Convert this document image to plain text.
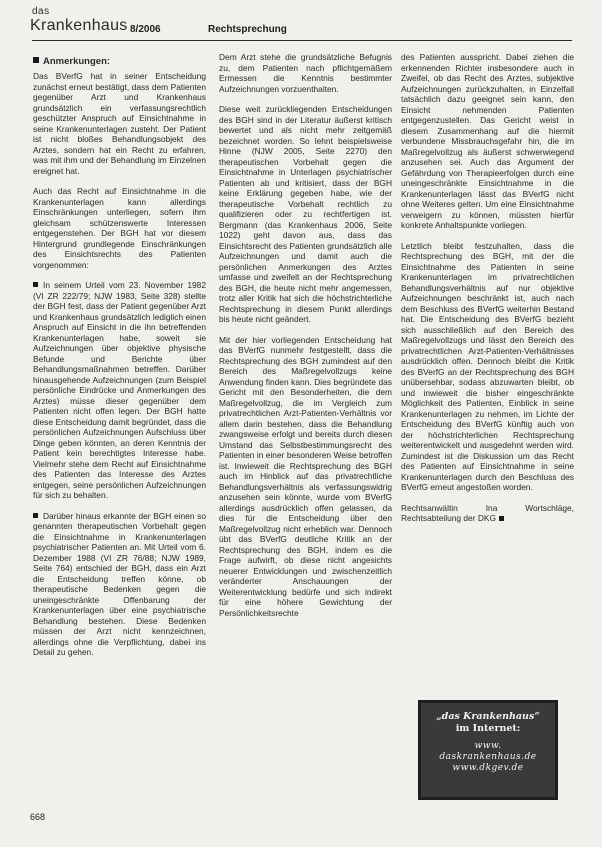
das
Krankenhaus 8/2006	Rechtsprechung
Anmerkungen:

Das BVerfG hat in seiner Entscheidung zunächst erneut bestätigt, dass dem Patienten gegenüber Arzt und Krankenhaus grundsätzlich ein verfassungsrechtlich geschützter Anspruch auf Einsichtnahme in seine Krankenunterlagen zusteht. Der Patient ist nicht bloßes Behandlungsobjekt des Arztes, sondern hat ein Recht zu erfahren, was mit ihm und der Behandlung im Einzelnen ereignet hat.

Auch das Recht auf Einsichtnahme in die Krankenunterlagen kann allerdings Einschränkungen unterliegen, sofern ihm gleichsam schützenswerte Interessen entgegenstehen. Der BGH hat vor diesem Hintergrund grundlegende Einschränkungen des Einsichtsrechts des Patienten vorgenommen:

In seinem Urteil vom 23. November 1982 (VI ZR 222/79; NJW 1983, Seite 328) stellte der BGH fest, dass der Patient gegenüber Arzt und Krankenhaus grundsätzlich lediglich einen Anspruch auf Einsicht in die ihn betreffenden Krankenunterlagen habe, soweit sie Aufzeichnungen über objektive physische Befunde und Berichte über Behandlungsmaßnahmen betreffen. Darüber hinausgehende Aufzeichnungen (zum Beispiel persönliche Eindrücke und Anmerkungen des Arztes) müsse dieser gegenüber dem Patienten nicht offen legen. Der BGH hatte diese Entscheidung damit begründet, dass die persönlichen Aufzeichnungen Aufschluss über Dinge geben könnten, an deren Kenntnis der Patient kein berechtigtes Interesse habe. Vielmehr stehe dem Recht auf Einsichtnahme des Patienten das Interesse des Arztes entgegen, seine persönlichen Aufzeichnungen für sich zu behalten.

Darüber hinaus erkannte der BGH einen so genannten therapeutischen Vorbehalt gegen die Einsichtnahme in Krankenunterlagen psychiatrischer Patienten an. Mit Urteil vom 6. Dezember 1988 (VI ZR 76/88; NJW 1989, Seite 764) entschied der BGH, dass ein Arzt die Entscheidung treffen könne, ob therapeutische Bedenken gegen die uneingeschränkte Offenbarung der Krankenunterlagen über eine psychiatrische Behandlung bestehen. Diese Bedenken müssen der Arzt nicht kennzeichnen, allerdings ohne die Verpflichtung, dabei ins Detail zu gehen.

Dem Arzt stehe die grundsätzliche Befugnis zu, dem Patienten nach pflichtgemäßem Ermessen die Kenntnis bestimmter Aufzeichnungen vorzuenthalten.

Diese weit zurückliegenden Entscheidungen des BGH sind in der Literatur äußerst kritisch bewertet und als nicht mehr zeitgemäß bezeichnet worden. So lehnt beispielsweise Hinne (NJW 2005, Seite 2270) den therapeutischen Vorbehalt gegen die Einsichtnahme in Unterlagen psychiatrischer Patienten ab und kritisiert, dass der BGH keine Erklärung gegeben habe, wie der therapeutische Vorbehalt rechtlich zu qualifizieren oder zu rechtfertigen ist. Bergmann (das Krankenhaus 2006, Seite 1022) geht davon aus, dass das Einsichtsrecht des Patienten grundsätzlich alle Aufzeichnungen und damit auch die persönlichen Anmerkungen des Arztes umfasse und zweifelt an der Rechtsprechung des BGH, die heute nicht mehr angemessen, trotz aller Kritik hat sich die höchstrichterliche Rechtsprechung in diesem Punkt allerdings bis heute nicht geändert.

Mit der hier vorliegenden Entscheidung hat das BVerfG nunmehr festgestellt, dass die Rechtsprechung des BGH zumindest auf den Bereich des Maßregelvollzugs keine Anwendung finden kann. Dies begründete das Gericht mit den Besonderheiten, die dem Maßregelvollzug, die im Vergleich zum privatrechtlichen Arzt-Patienten-Verhältnis vor allem darin bestehen, dass die Behandlung zwangsweise erfolgt und bereits durch diesen Umstand das Selbstbestimmungsrecht des Patienten in einer besonderen Weise betroffen ist. Inwieweit die Rechtsprechung des BGH auch im Hinblick auf das privatrechtliche Behandlungsverhältnis als verfassungswidrig anzusehen sein könnte, wurde vom BVerfG allerdings ausdrücklich offen gelassen, da dies für die Entscheidung über den Maßregelvollzug nicht erheblich war. Dennoch übt das BVerfG deutliche Kritik an der Rechtsprechung des BGH, indem es die Frage aufwirft, ob diese nicht angesichts neuerer Entwicklungen und zwischenzeitlich veränderter Anschauungen der Weiterentwicklung bedürfe und sich indirekt für eine höhere Gewichtung der Persönlichkeitsrechte

des Patienten ausspricht. Dabei ziehen die erkennenden Richter insbesondere auch in Zweifel, ob das Recht des Arztes, subjektive Aufzeichnungen zurückzuhalten, in Einzelfall tatsächlich dazu geeignet sein kann, den Einsicht nehmenden Patienten entgegenzustellen. Das Gericht weist in diesem Zusammenhang auf die hiermit verbundene Missbrauchsgefahr hin, die im Maßregelvollzug als äußerst schwerwiegend anzusehen sei. Auch das Argument der Gefährdung von Therapieerfolgen durch eine uneingeschränkte Einsichtnahme in die Krankenunterlagen lässt das BVerfG nicht ohne Weiteres gelten. Um eine Einsichtnahme verweigern zu können, müssten hierfür konkrete Anhaltspunkte vorliegen.

Letztlich bleibt festzuhalten, dass die Rechtsprechung des BGH, mit der die Einsichtnahme des Patienten in seine Krankenunterlagen im privatrechtlichen Behandlungsverhältnis auf nur objektive Aufzeichnungen beschränkt ist, auch nach dem Beschluss des BVerfG weiterhin Bestand hat. Die Entscheidung des BVerfG bezieht sich ausschließlich auf den Bereich des Maßregelvollzugs und lässt den Bereich des privatrechtlichen Arzt-Patienten-Verhältnisses ausdrücklich offen. Dennoch bleibt die Kritik des BVerfG an der Rechtsprechung des BGH unübersehbar, sodass abzuwarten bleibt, ob und inwieweit die bisher eingeschränkte Möglichkeit des Patienten, Einblick in seine Krankenunterlagen zu nehmen, im Lichte der Entscheidung des BVerfG künftig auch von der höchstrichterlichen Rechtsprechung weiterentwickelt und ausgedehnt werden wird. Zumindest ist die Diskussion um das Recht des Patienten auf Einsichtnahme in seine Krankenunterlagen durch den Beschluss des BVerfG erneut angestoßen worden.

Rechtsanwältin Ina Wortschläge, Rechtsabteilung der DKG

„das Krankenhaus“
im Internet:
www.
daskrankenhaus.de
www.dkgev.de
668
